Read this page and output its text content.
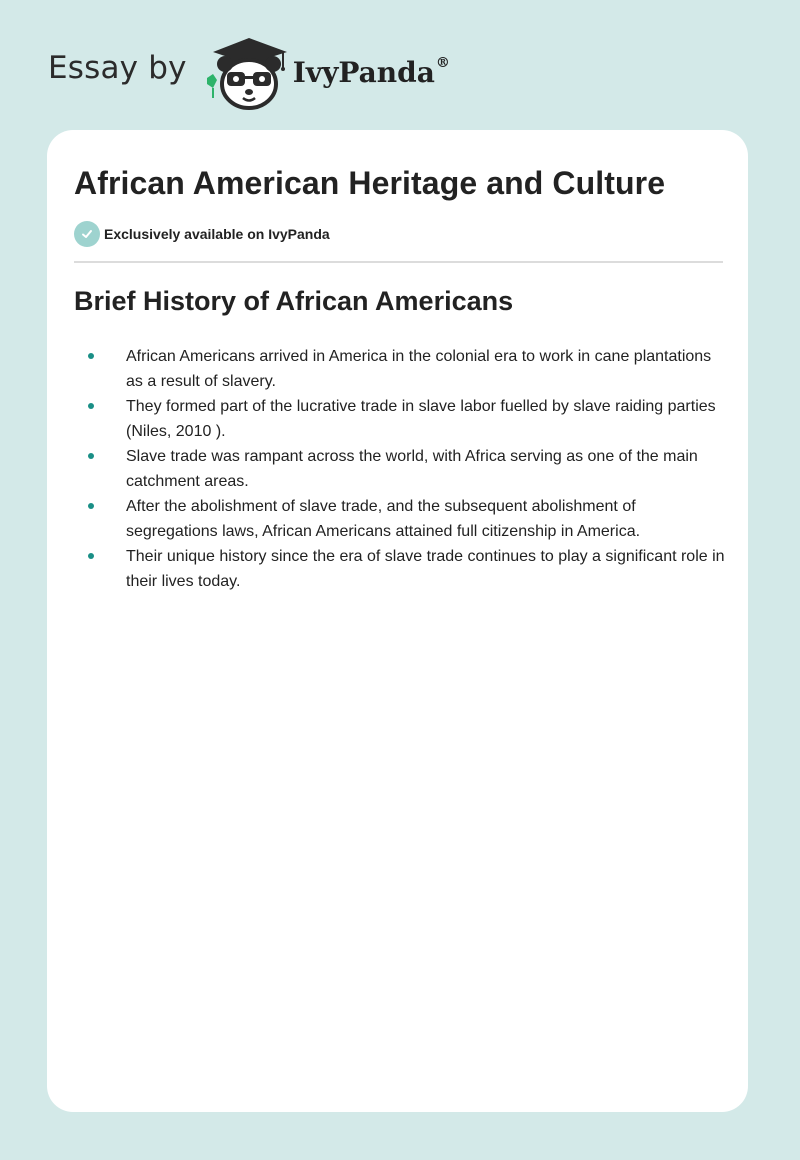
Essay by	IvyPanda®
African American Heritage and Culture
Exclusively available on IvyPanda
Brief History of African Americans
African Americans arrived in America in the colonial era to work in cane plantations as a result of slavery.
They formed part of the lucrative trade in slave labor fuelled by slave raiding parties (Niles, 2010 ).
Slave trade was rampant across the world, with Africa serving as one of the main catchment areas.
After the abolishment of slave trade, and the subsequent abolishment of segregations laws, African Americans attained full citizenship in America.
Their unique history since the era of slave trade continues to play a significant role in their lives today.
